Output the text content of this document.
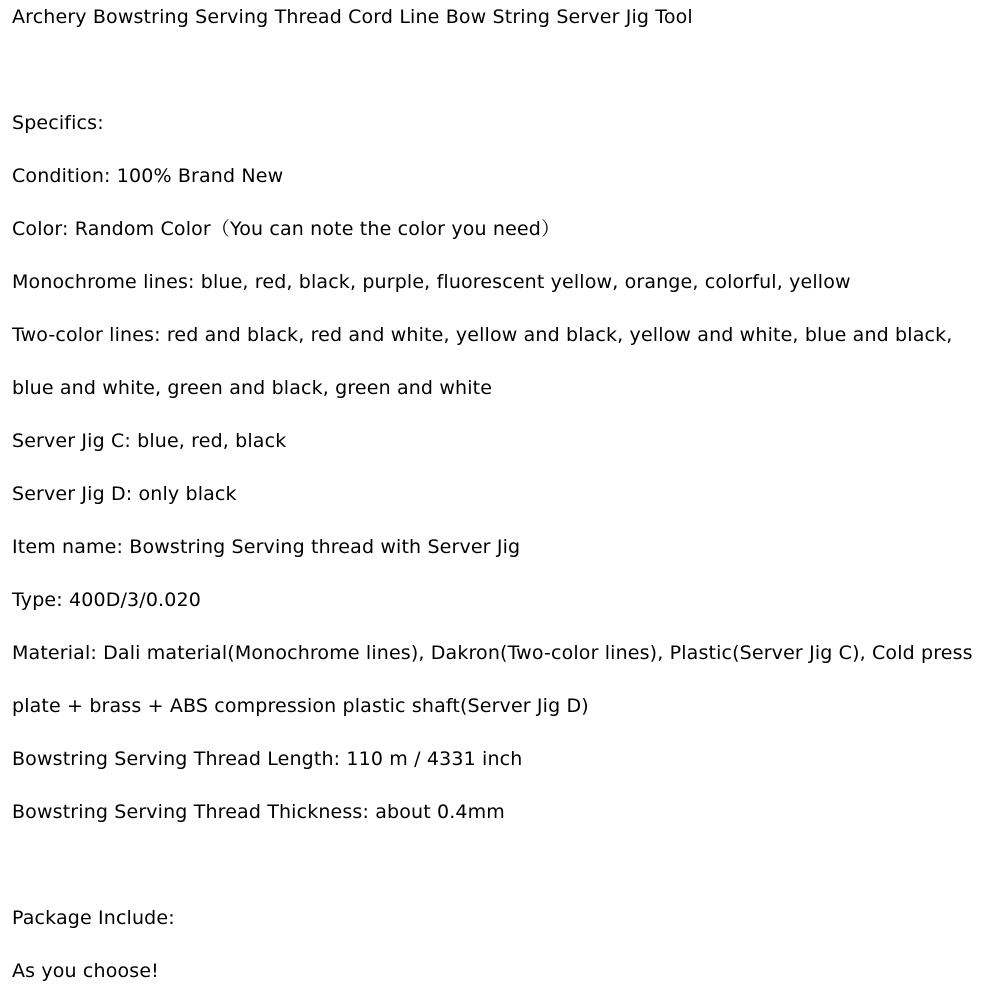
Archery Bowstring Serving Thread Cord Line Bow String Server Jig Tool
Specifics:
Condition: 100% Brand New
Color: Random Color（You can note the color you need）
Monochrome lines: blue, red, black, purple, fluorescent yellow, orange, colorful, yellow
Two-color lines: red and black, red and white, yellow and black, yellow and white, blue and black,
blue and white, green and black, green and white
Server Jig C: blue, red, black
Server Jig D: only black
Item name: Bowstring Serving thread with Server Jig
Type: 400D/3/0.020
Material: Dali material(Monochrome lines), Dakron(Two-color lines), Plastic(Server Jig C), Cold press
plate + brass + ABS compression plastic shaft(Server Jig D)
Bowstring Serving Thread Length: 110 m / 4331 inch
Bowstring Serving Thread Thickness: about 0.4mm
Package Include:
As you choose!
